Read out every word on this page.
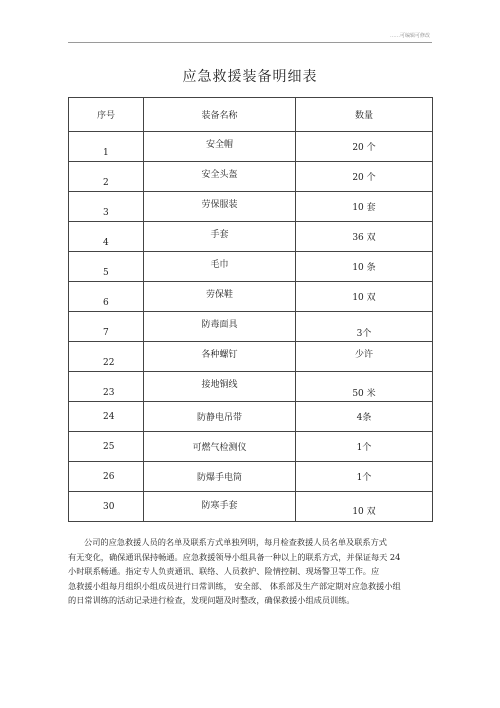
……可编辑可修改
应急救援装备明细表
序号	装备名称	数量

1	安全帽	20 个

2	安全头盔	20 个

3	劳保服装	10 套

4	手套	36 双

5	毛巾	10 条

6	劳保鞋	10 双

7	防毒面具	3个

22	各种螺钉	少许

23	接地铜线	50 米

24	防静电吊带	4条

25	可燃气检测仪	1个

26	防爆手电筒	1个

30	防寒手套	10 双

公司的应急救援人员的名单及联系方式单独列明，每月检查救援人员名单及联系方式

有无变化，确保通讯保持畅通。应急救援领导小组具备一种以上的联系方式，并保证每天 24

小时联系畅通。指定专人负责通讯、联络、人员救护、险情控制、现场警卫等工作。应

急救援小组每月组织小组成员进行日常训练， 安全部、 体系部及生产部定期对应急救援小组

的日常训练的活动记录进行检查，发现问题及时整改，确保救援小组成员训练。
